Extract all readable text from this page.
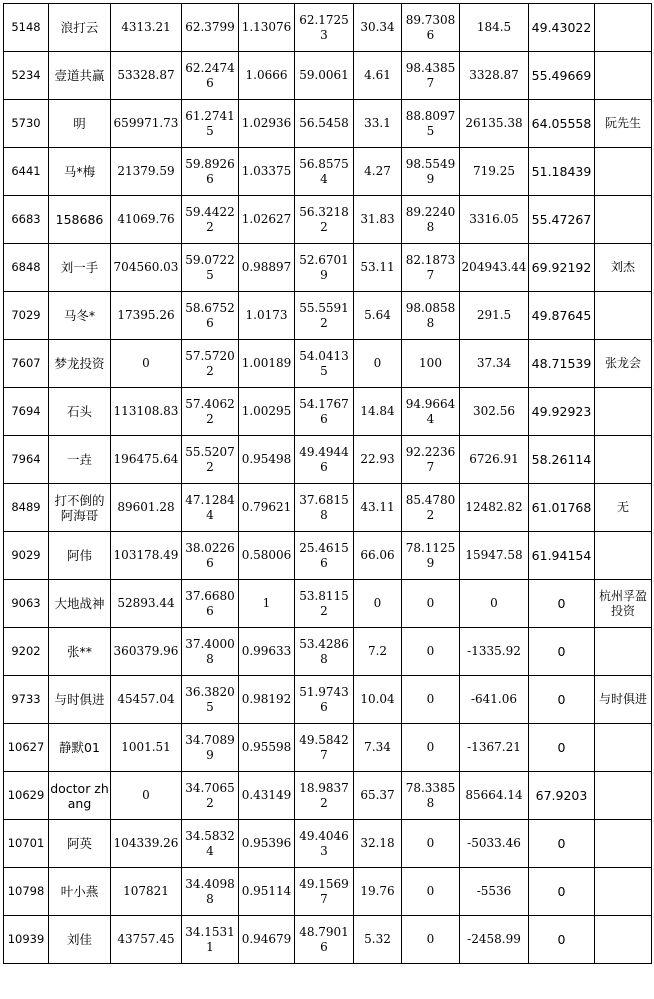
5148	浪打云	4313.21	62.3799	1.13076	62.17253	30.34	89.73086	184.5	49.43022	
5234	壹道共赢	53328.87	62.24746	1.0666	59.0061	4.61	98.43857	3328.87	55.49669	
5730	明	659971.73	61.27415	1.02936	56.5458	33.1	88.80975	26135.38	64.05558	阮先生
6441	马*梅	21379.59	59.89266	1.03375	56.85754	4.27	98.55499	719.25	51.18439	
6683	158686	41069.76	59.44222	1.02627	56.32182	31.83	89.22408	3316.05	55.47267	
6848	刘一手	704560.03	59.07225	0.98897	52.67019	53.11	82.18737	204943.44	69.92192	刘杰
7029	马冬*	17395.26	58.67526	1.0173	55.55912	5.64	98.08588	291.5	49.87645	
7607	梦龙投资	0	57.57202	1.00189	54.04135	0	100	37.34	48.71539	张龙会
7694	石头	113108.83	57.40622	1.00295	54.17676	14.84	94.96644	302.56	49.92923	
7964	一垚	196475.64	55.52072	0.95498	49.49446	22.93	92.22367	6726.91	58.26114	
8489	打不倒的阿海哥	89601.28	47.12844	0.79621	37.68158	43.11	85.47802	12482.82	61.01768	无
9029	阿伟	103178.49	38.02266	0.58006	25.46156	66.06	78.11259	15947.58	61.94154	
9063	大地战神	52893.44	37.66806	1	53.81152	0	0	0	0	杭州孚盈投资
9202	张**	360379.96	37.40008	0.99633	53.42868	7.2	0	-1335.92	0	
9733	与时俱进	45457.04	36.38205	0.98192	51.97436	10.04	0	-641.06	0	与时俱进
10627	静默01	1001.51	34.70899	0.95598	49.58427	7.34	0	-1367.21	0	
10629	doctor zhang	0	34.70652	0.43149	18.98372	65.37	78.33858	85664.14	67.9203	
10701	阿英	104339.26	34.58324	0.95396	49.40463	32.18	0	-5033.46	0	
10798	叶小燕	107821	34.40988	0.95114	49.15697	19.76	0	-5536	0	
10939	刘佳	43757.45	34.15311	0.94679	48.79016	5.32	0	-2458.99	0	
